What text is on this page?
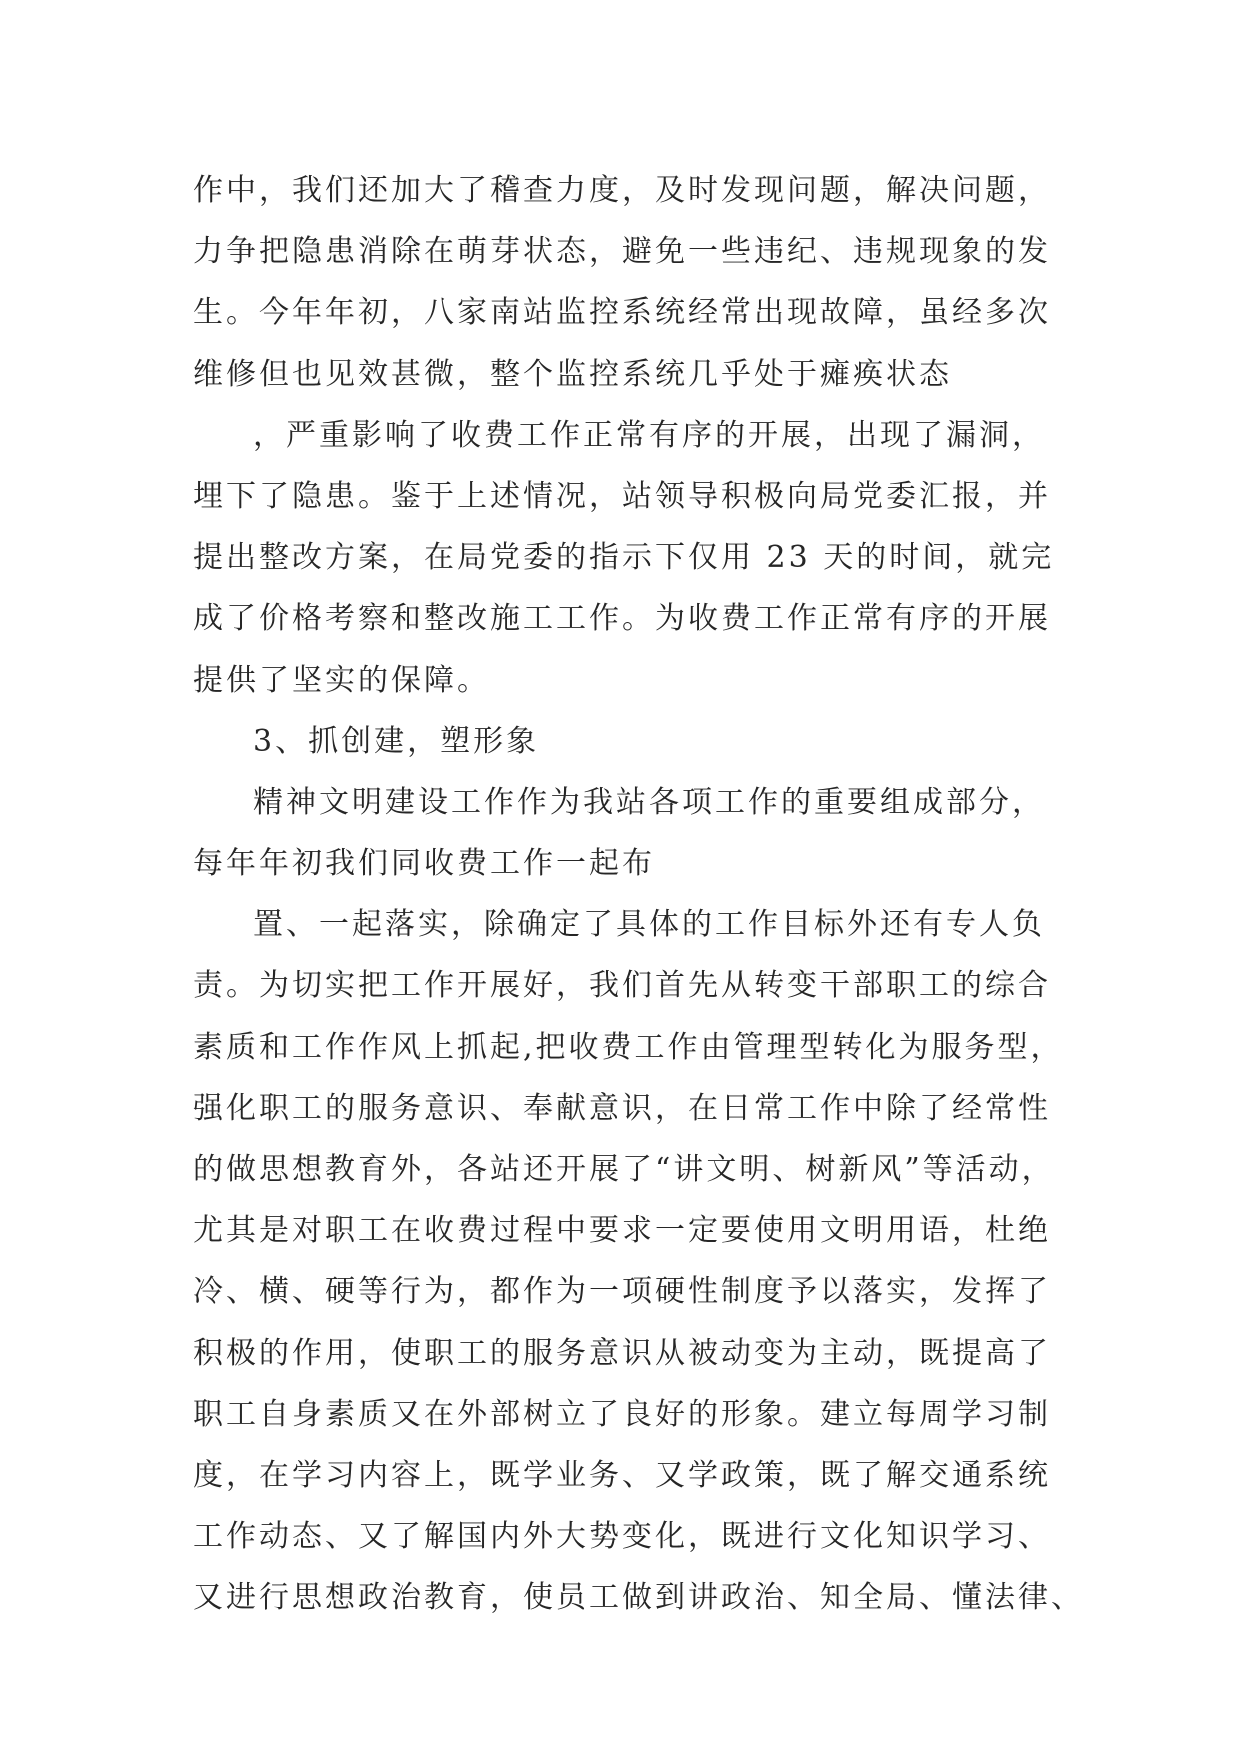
作中，我们还加大了稽查力度，及时发现问题，解决问题，

力争把隐患消除在萌芽状态，避免一些违纪、违规现象的发

生。今年年初，八家南站监控系统经常出现故障，虽经多次

维修但也见效甚微，整个监控系统几乎处于瘫痪状态

，严重影响了收费工作正常有序的开展，出现了漏洞，

埋下了隐患。鉴于上述情况，站领导积极向局党委汇报，并

提出整改方案，在局党委的指示下仅用 23 天的时间，就完

成了价格考察和整改施工工作。为收费工作正常有序的开展

提供了坚实的保障。

3、抓创建，塑形象

精神文明建设工作作为我站各项工作的重要组成部分，

每年年初我们同收费工作一起布

置、一起落实，除确定了具体的工作目标外还有专人负

责。为切实把工作开展好，我们首先从转变干部职工的综合

素质和工作作风上抓起,把收费工作由管理型转化为服务型，

强化职工的服务意识、奉献意识，在日常工作中除了经常性

的做思想教育外，各站还开展了“讲文明、树新风”等活动，

尤其是对职工在收费过程中要求一定要使用文明用语，杜绝

冷、横、硬等行为，都作为一项硬性制度予以落实，发挥了

积极的作用，使职工的服务意识从被动变为主动，既提高了

职工自身素质又在外部树立了良好的形象。建立每周学习制

度，在学习内容上，既学业务、又学政策，既了解交通系统

工作动态、又了解国内外大势变化，既进行文化知识学习、

又进行思想政治教育，使员工做到讲政治、知全局、懂法律、
